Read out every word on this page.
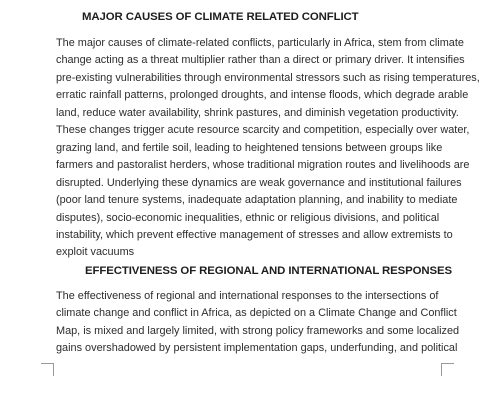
MAJOR CAUSES OF CLIMATE RELATED CONFLICT

The major causes of climate-related conflicts, particularly in Africa, stem from climate
change acting as a threat multiplier rather than a direct or primary driver. It intensifies
pre-existing vulnerabilities through environmental stressors such as rising temperatures,
erratic rainfall patterns, prolonged droughts, and intense floods, which degrade arable
land, reduce water availability, shrink pastures, and diminish vegetation productivity.
These changes trigger acute resource scarcity and competition, especially over water,
grazing land, and fertile soil, leading to heightened tensions between groups like
farmers and pastoralist herders, whose traditional migration routes and livelihoods are
disrupted. Underlying these dynamics are weak governance and institutional failures
(poor land tenure systems, inadequate adaptation planning, and inability to mediate
disputes), socio-economic inequalities, ethnic or religious divisions, and political
instability, which prevent effective management of stresses and allow extremists to
exploit vacuums

EFFECTIVENESS OF REGIONAL AND INTERNATIONAL RESPONSES

The effectiveness of regional and international responses to the intersections of
climate change and conflict in Africa, as depicted on a Climate Change and Conflict
Map, is mixed and largely limited, with strong policy frameworks and some localized
gains overshadowed by persistent implementation gaps, underfunding, and political
